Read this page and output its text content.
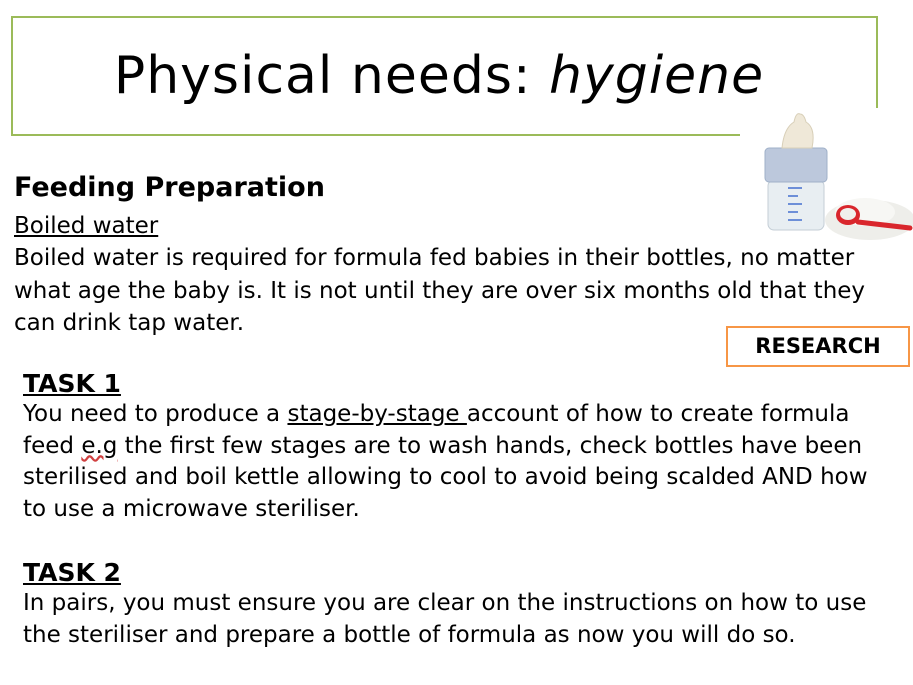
Physical needs: hygiene
Feeding Preparation
Boiled water
Boiled water is required for formula fed babies in their bottles, no matter what age the baby is. It is not until they are over six months old that they can drink tap water.
RESEARCH
TASK 1
You need to produce a stage-by-stage account of how to create formula feed e.g the first few stages are to wash hands, check bottles have been sterilised and boil kettle allowing to cool to avoid being scalded AND how to use a microwave steriliser.
TASK 2
In pairs, you must ensure you are clear on the instructions on how to use the steriliser and prepare a bottle of formula as now you will do so.
